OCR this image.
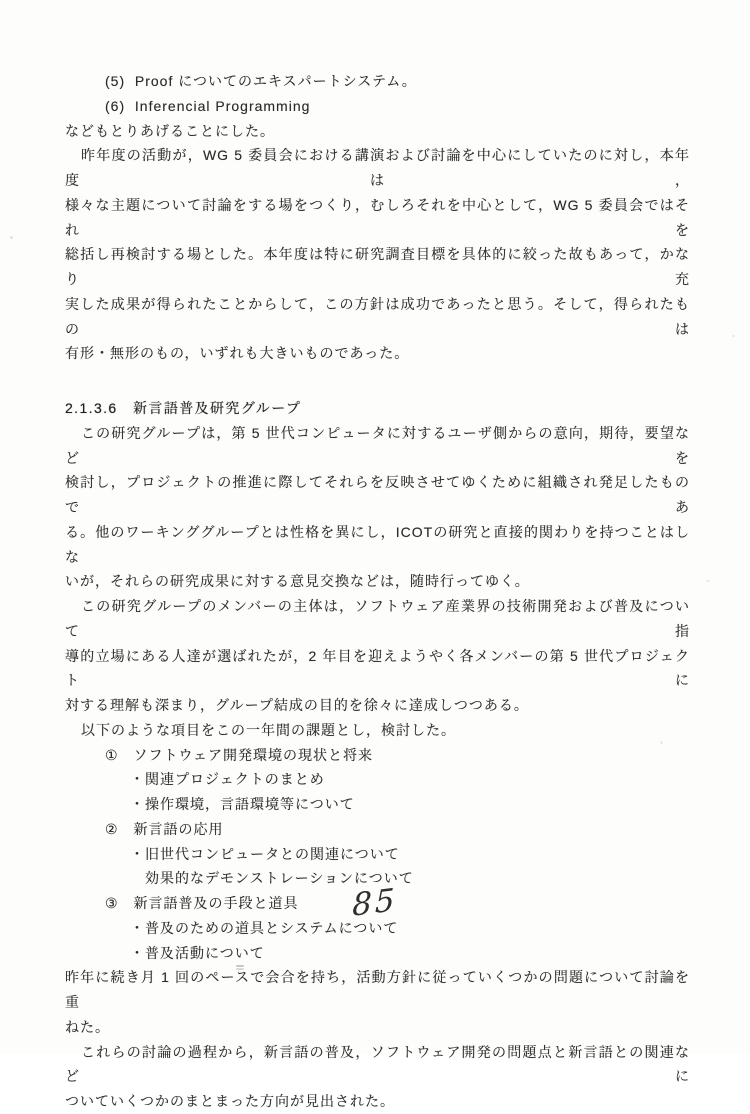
(5)  Proof についてのエキスパートシステム。
(6)  Inferencial Programming
などもとりあげることにした。
昨年度の活動が，WG 5 委員会における講演および討論を中心にしていたのに対し，本年度は，
様々な主題について討論をする場をつくり，むしろそれを中心として，WG 5 委員会ではそれを
総括し再検討する場とした。本年度は特に研究調査目標を具体的に絞った故もあって，かなり充
実した成果が得られたことからして，この方針は成功であったと思う。そして，得られたものは
有形・無形のもの，いずれも大きいものであった。
2.1.3.6　新言語普及研究グループ
この研究グループは，第 5 世代コンピュータに対するユーザ側からの意向，期待，要望などを
検討し，プロジェクトの推進に際してそれらを反映させてゆくために組織され発足したものであ
る。他のワーキンググループとは性格を異にし，ICOTの研究と直接的関わりを持つことはしな
いが，それらの研究成果に対する意見交換などは，随時行ってゆく。
この研究グループのメンバーの主体は，ソフトウェア産業界の技術開発および普及について指
導的立場にある人達が選ばれたが，2 年目を迎えようやく各メンバーの第 5 世代プロジェクトに
対する理解も深まり，グループ結成の目的を徐々に達成しつつある。
以下のような項目をこの一年間の課題とし，検討した。
①　ソフトウェア開発環境の現状と将来
・関連プロジェクトのまとめ
・操作環境，言語環境等について
②　新言語の応用
・旧世代コンピュータとの関連について
効果的なデモンストレーションについて
③　新言語普及の手段と道具
・普及のための道具とシステムについて
・普及活動について
昨年に続き月 1 回のペースで会合を持ち，活動方針に従っていくつかの問題について討論を重
ねた。
これらの討論の過程から，新言語の普及，ソフトウェア開発の問題点と新言語との関連などに
ついていくつかのまとまった方向が見出された。
85
